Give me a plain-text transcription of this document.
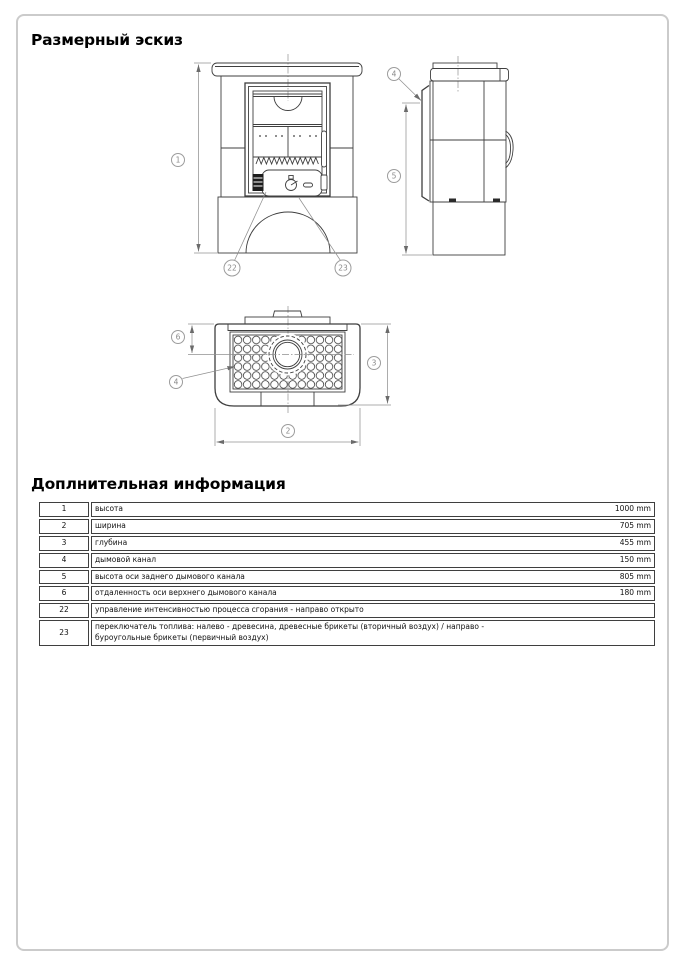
Размерный эскиз
1
22	23
4
5
6
4
3
2
Доплнительная информация
1	высота 1000 mm

2	ширина 705 mm

3	глубина 455 mm

4	дымовой канал 150 mm

5	высота оси заднего дымового канала 805 mm

6	отдаленность оси верхнего дымового канала 180 mm

22	управление интенсивностью процесса сгорания - направо открыто

23	переключатель топлива: налево - древесина, древесные брикеты (вторичный воздух) / направо - буроугольные брикеты (первичный воздух)
